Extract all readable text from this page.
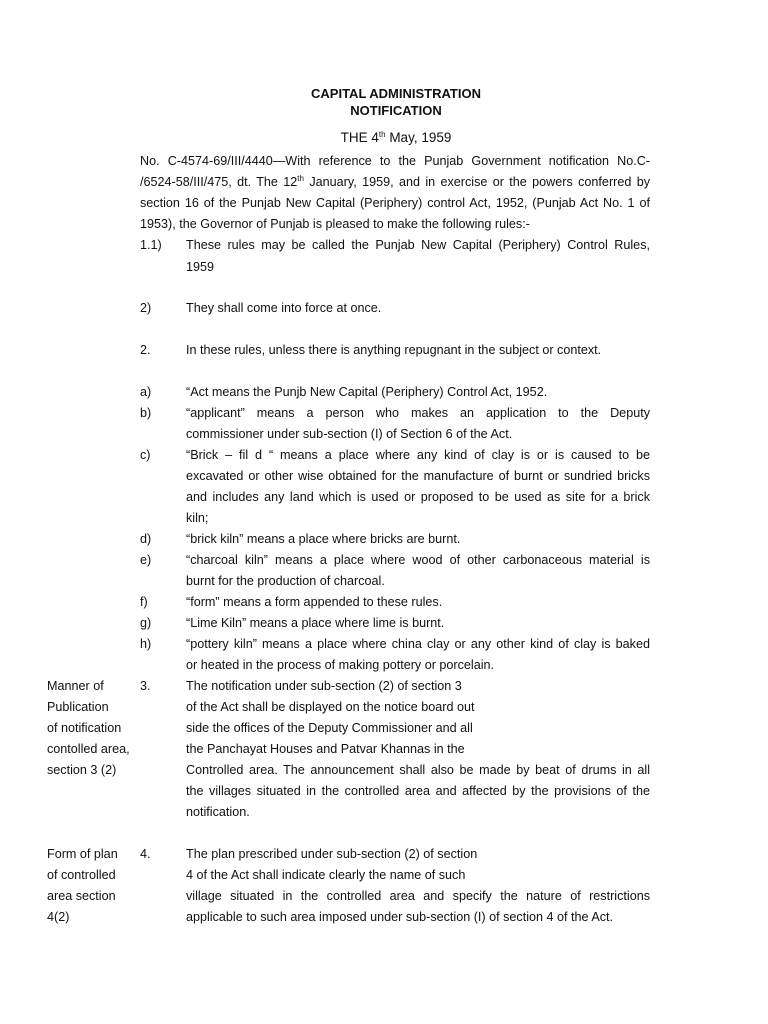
CAPITAL ADMINISTRATION
NOTIFICATION
THE 4th May, 1959
No. C-4574-69/III/4440—With reference to the Punjab Government notification No.C-
/6524-58/III/475, dt. The 12th January, 1959, and in exercise or the powers conferred by
section 16 of the Punjab New Capital (Periphery) control Act, 1952, (Punjab Act No. 1 of
1953), the Governor of Punjab is pleased to make the following rules:-
1.1) These rules may be called the Punjab New Capital (Periphery) Control Rules,
1959
2)	They shall come into force at once.
2.	In these rules, unless there is anything repugnant in the subject or context.
a)	“Act means the Punjb New Capital (Periphery) Control Act, 1952.
b)	“applicant” means a person who makes an application to the Deputy
commissioner under sub-section (I) of Section 6 of the Act.
c)	“Brick – fil d “ means a place where any kind of clay is or is caused to be
excavated or other wise obtained for the manufacture of burnt or sundried bricks
and includes any land which is used or proposed to be used as site for a brick
kiln;
d)	“brick kiln” means a place where bricks are burnt.
e)	“charcoal kiln” means a place where wood of other carbonaceous material is
burnt for the production of charcoal.
f)	“form” means a form appended to these rules.
g)	“Lime Kiln” means a place where lime is burnt.
h)	“pottery kiln” means a place where china clay or any other kind of clay is baked
or heated in the process of making pottery or porcelain.
Manner of
Publication
of notification
contolled area,
section 3 (2)
3.	The notification under sub-section (2) of section 3
of the Act shall be displayed on the notice board out
side the offices of the Deputy Commissioner and all
the Panchayat Houses and Patvar Khannas in the
Controlled area. The announcement shall also be made by beat of drums in all
the villages situated in the controlled area and affected by the provisions of the
notification.
Form of plan
of controlled
area section
4(2)
4.	The plan prescribed under sub-section (2) of section
4 of the Act shall indicate clearly the name of such
village situated in the controlled area and specify the nature of restrictions
applicable to such area imposed under sub-section (I) of section 4 of the Act.
